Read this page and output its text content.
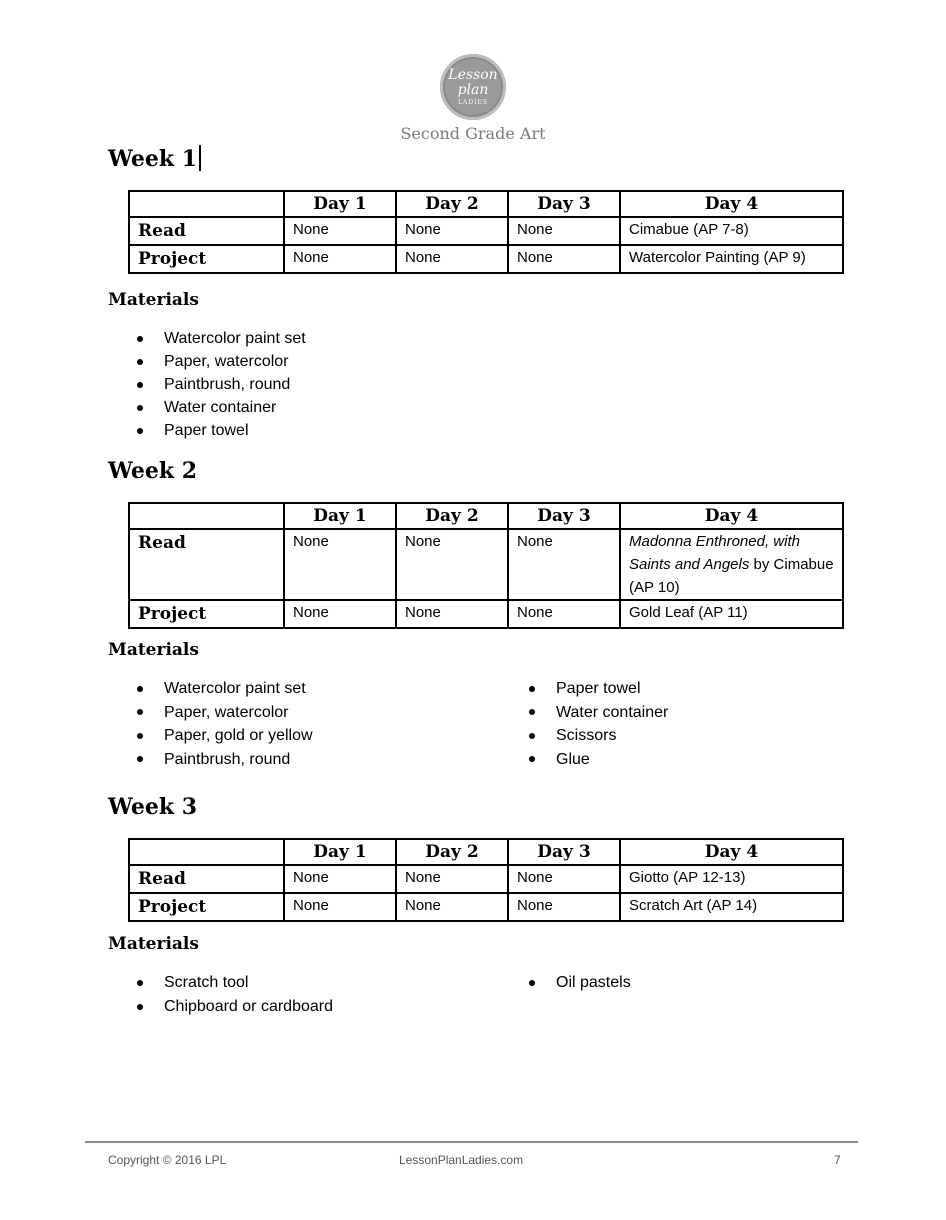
Lesson
plan
LADIES
Second Grade Art
Week 1
	Day 1	Day 2	Day 3	Day 4
Read	None	None	None	Cimabue (AP 7-8)
Project	None	None	None	Watercolor Painting (AP 9)
Materials
Watercolor paint set
Paper, watercolor
Paintbrush, round
Water container
Paper towel
Week 2
	Day 1	Day 2	Day 3	Day 4
Read	None	None	None	Madonna Enthroned, with Saints and Angels by Cimabue (AP 10)
Project	None	None	None	Gold Leaf (AP 11)
Materials
Watercolor paint set
Paper, watercolor
Paper, gold or yellow
Paintbrush, round
Paper towel
Water container
Scissors
Glue
Week 3
	Day 1	Day 2	Day 3	Day 4
Read	None	None	None	Giotto (AP 12-13)
Project	None	None	None	Scratch Art (AP 14)
Materials
Scratch tool
Chipboard or cardboard
Oil pastels
Copyright © 2016 LPL	LessonPlanLadies.com	7
